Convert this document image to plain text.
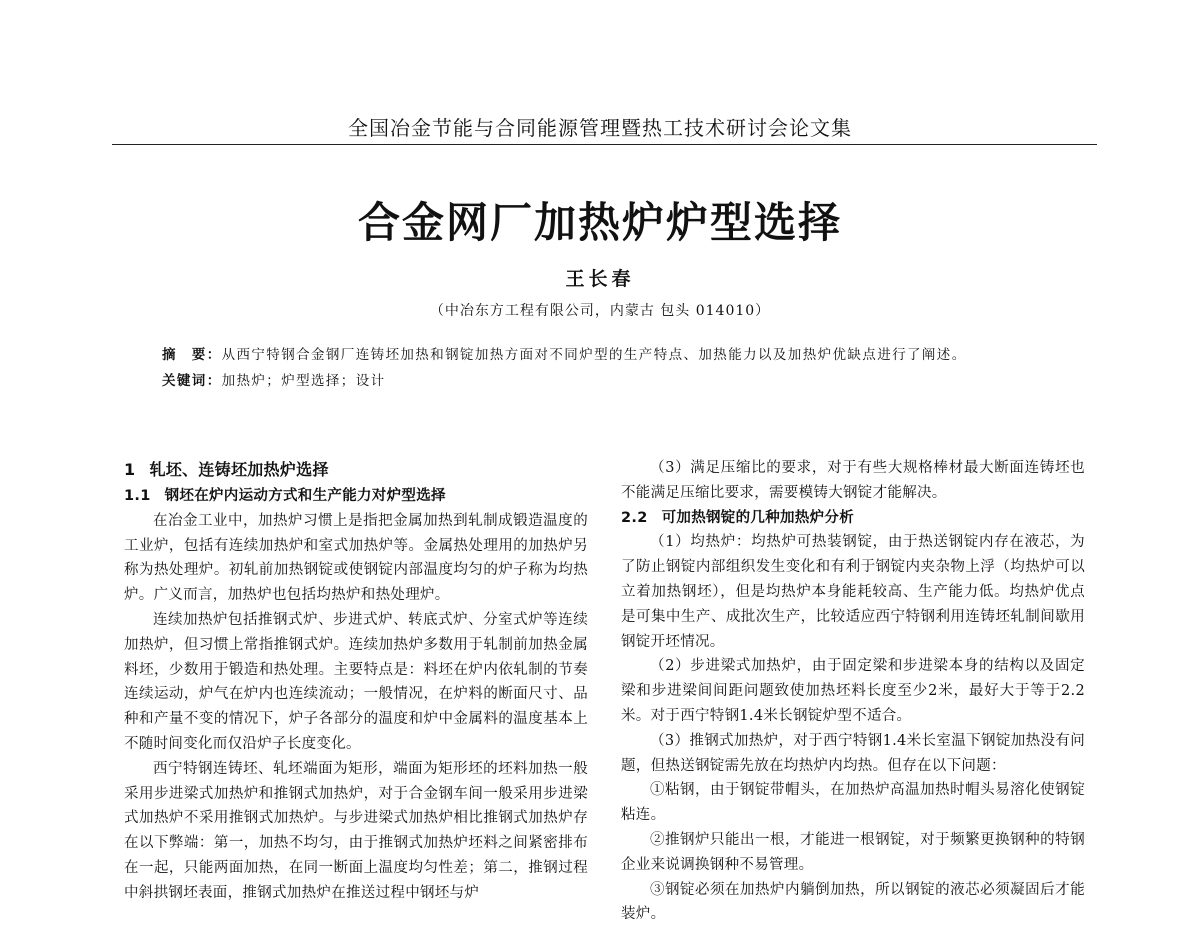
全国冶金节能与合同能源管理暨热工技术研讨会论文集
合金网厂加热炉炉型选择
王长春
（中冶东方工程有限公司，内蒙古 包头 014010）

摘　要：从西宁特钢合金钢厂连铸坯加热和钢锭加热方面对不同炉型的生产特点、加热能力以及加热炉优缺点进行了阐述。

关键词：加热炉；炉型选择；设计

1 轧坯、连铸坯加热炉选择
1.1 钢坯在炉内运动方式和生产能力对炉型选择

在冶金工业中，加热炉习惯上是指把金属加热到轧制成锻造温度的工业炉，包括有连续加热炉和室式加热炉等。金属热处理用的加热炉另称为热处理炉。初轧前加热钢锭或使钢锭内部温度均匀的炉子称为均热炉。广义而言，加热炉也包括均热炉和热处理炉。

连续加热炉包括推钢式炉、步进式炉、转底式炉、分室式炉等连续加热炉，但习惯上常指推钢式炉。连续加热炉多数用于轧制前加热金属料坯，少数用于锻造和热处理。主要特点是：料坯在炉内依轧制的节奏连续运动，炉气在炉内也连续流动；一般情况，在炉料的断面尺寸、品种和产量不变的情况下，炉子各部分的温度和炉中金属料的温度基本上不随时间变化而仅沿炉子长度变化。

西宁特钢连铸坯、轧坯端面为矩形，端面为矩形坯的坯料加热一般采用步进梁式加热炉和推钢式加热炉，对于合金钢车间一般采用步进梁式加热炉不采用推钢式加热炉。与步进梁式加热炉相比推钢式加热炉存在以下弊端：第一，加热不均匀，由于推钢式加热炉坯料之间紧密排布在一起，只能两面加热，在同一断面上温度均匀性差；第二，推钢过程中斜拱钢坯表面，推钢式加热炉在推送过程中钢坯与炉

（3）满足压缩比的要求，对于有些大规格棒材最大断面连铸坯也不能满足压缩比要求，需要模铸大钢锭才能解决。

2.2 可加热钢锭的几种加热炉分析

（1）均热炉：均热炉可热装钢锭，由于热送钢锭内存在液芯，为了防止钢锭内部组织发生变化和有利于钢锭内夹杂物上浮（均热炉可以立着加热钢坯），但是均热炉本身能耗较高、生产能力低。均热炉优点是可集中生产、成批次生产，比较适应西宁特钢利用连铸坯轧制间歇用钢锭开坯情况。

（2）步进梁式加热炉，由于固定梁和步进梁本身的结构以及固定梁和步进梁间间距问题致使加热坯料长度至少2米，最好大于等于2.2米。对于西宁特钢1.4米长钢锭炉型不适合。

（3）推钢式加热炉，对于西宁特钢1.4米长室温下钢锭加热没有问题，但热送钢锭需先放在均热炉内均热。但存在以下问题：

①粘钢，由于钢锭带帽头，在加热炉高温加热时帽头易溶化使钢锭粘连。

②推钢炉只能出一根，才能进一根钢锭，对于频繁更换钢种的特钢企业来说调换钢种不易管理。

③钢锭必须在加热炉内躺倒加热，所以钢锭的液芯必须凝固后才能装炉。
